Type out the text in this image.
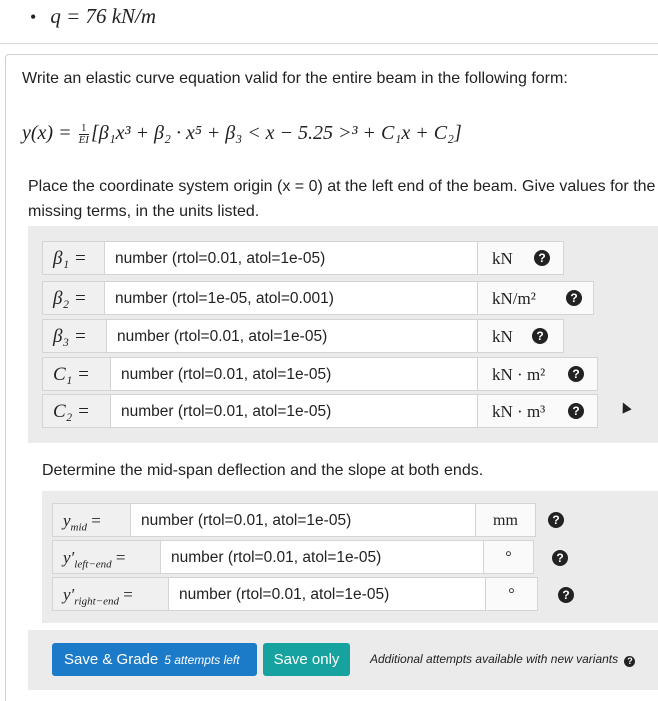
• q = 76 kN/m
Write an elastic curve equation valid for the entire beam in the following form:
$y(x) = \frac{1}{EI} [\beta_1x^3 + \beta_2 \cdot x^5 + \beta_3 < x - 5.25 >^3 + C_1x + C_2]$
Place the coordinate system origin (x = 0) at the left end of the beam. Give values for the missing terms, in the units listed.
β₁ =	number (rtol=0.01, atol=1e-05)	kN	?
β₂ =	number (rtol=1e-05, atol=0.001)	kN/m²	?
β₃ =	number (rtol=0.01, atol=1e-05)	kN	?
C₁ =	number (rtol=0.01, atol=1e-05)	kN · m²	?
C₂ =	number (rtol=0.01, atol=1e-05)	kN · m³	?
Determine the mid-span deflection and the slope at both ends.
$y_{mid}$ =	number (rtol=0.01, atol=1e-05)	mm	?
$y'_{left-end}$ =	number (rtol=0.01, atol=1e-05)	°	?
$y'_{right-end}$ =	number (rtol=0.01, atol=1e-05)	°	?
Save & Grade 5 attempts left	Save only	Additional attempts available with new variants ?
